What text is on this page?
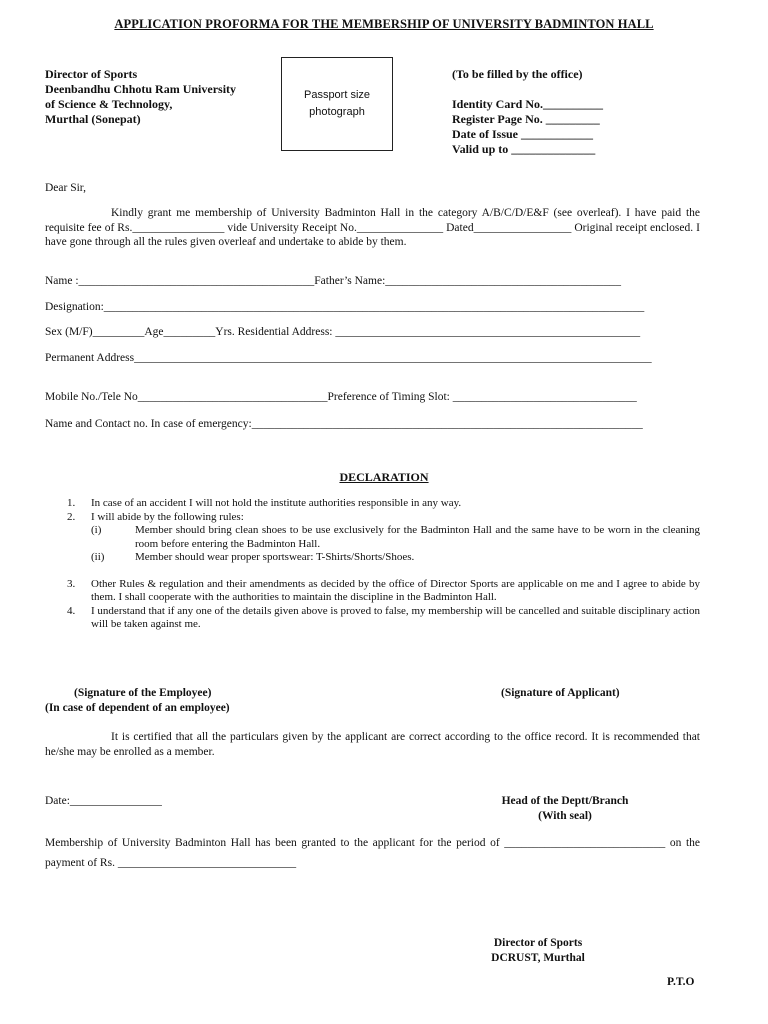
APPLICATION PROFORMA FOR THE MEMBERSHIP OF UNIVERSITY BADMINTON HALL
Director of Sports
Deenbandhu Chhotu Ram University
of Science & Technology,
Murthal (Sonepat)
Passport size
photograph
(To be filled by the office)
Identity Card No.__________
Register Page No. _________
Date of Issue ____________
Valid up to ______________
Dear Sir,
Kindly grant me membership of University Badminton Hall in the category A/B/C/D/E&F (see overleaf). I have paid the requisite fee of Rs.________________ vide University Receipt No._______________ Dated_________________ Original receipt enclosed. I have gone through all the rules given overleaf and undertake to abide by them.
Name :_________________________________________Father’s Name:_________________________________________
Designation:______________________________________________________________________________________________
Sex (M/F)_________Age_________Yrs. Residential Address: _____________________________________________________
Permanent Address__________________________________________________________________________________________
Mobile No./Tele No_________________________________Preference of Timing Slot: ________________________________
Name and Contact no. In case of emergency:____________________________________________________________________
DECLARATION
1. In case of an accident I will not hold the institute authorities responsible in any way.
2. I will abide by the following rules:
(i)	Member should bring clean shoes to be use exclusively for the Badminton Hall and the same have to be worn in the cleaning room before entering the Badminton Hall.
(ii)	Member should wear proper sportswear: T-Shirts/Shorts/Shoes.
3. Other Rules & regulation and their amendments as decided by the office of Director Sports are applicable on me and I agree to abide by them. I shall cooperate with the authorities to maintain the discipline in the Badminton Hall.
4. I understand that if any one of the details given above is proved to false, my membership will be cancelled and suitable disciplinary action will be taken against me.
(Signature of the Employee)
(In case of dependent of an employee)
(Signature of Applicant)
It is certified that all the particulars given by the applicant are correct according to the office record. It is recommended that he/she may be enrolled as a member.
Date:________________	Head of the Deptt/Branch
(With seal)
Membership of University Badminton Hall has been granted to the applicant for the period of ____________________________ on the payment of Rs. _______________________________
Director of Sports
DCRUST, Murthal
P.T.O
